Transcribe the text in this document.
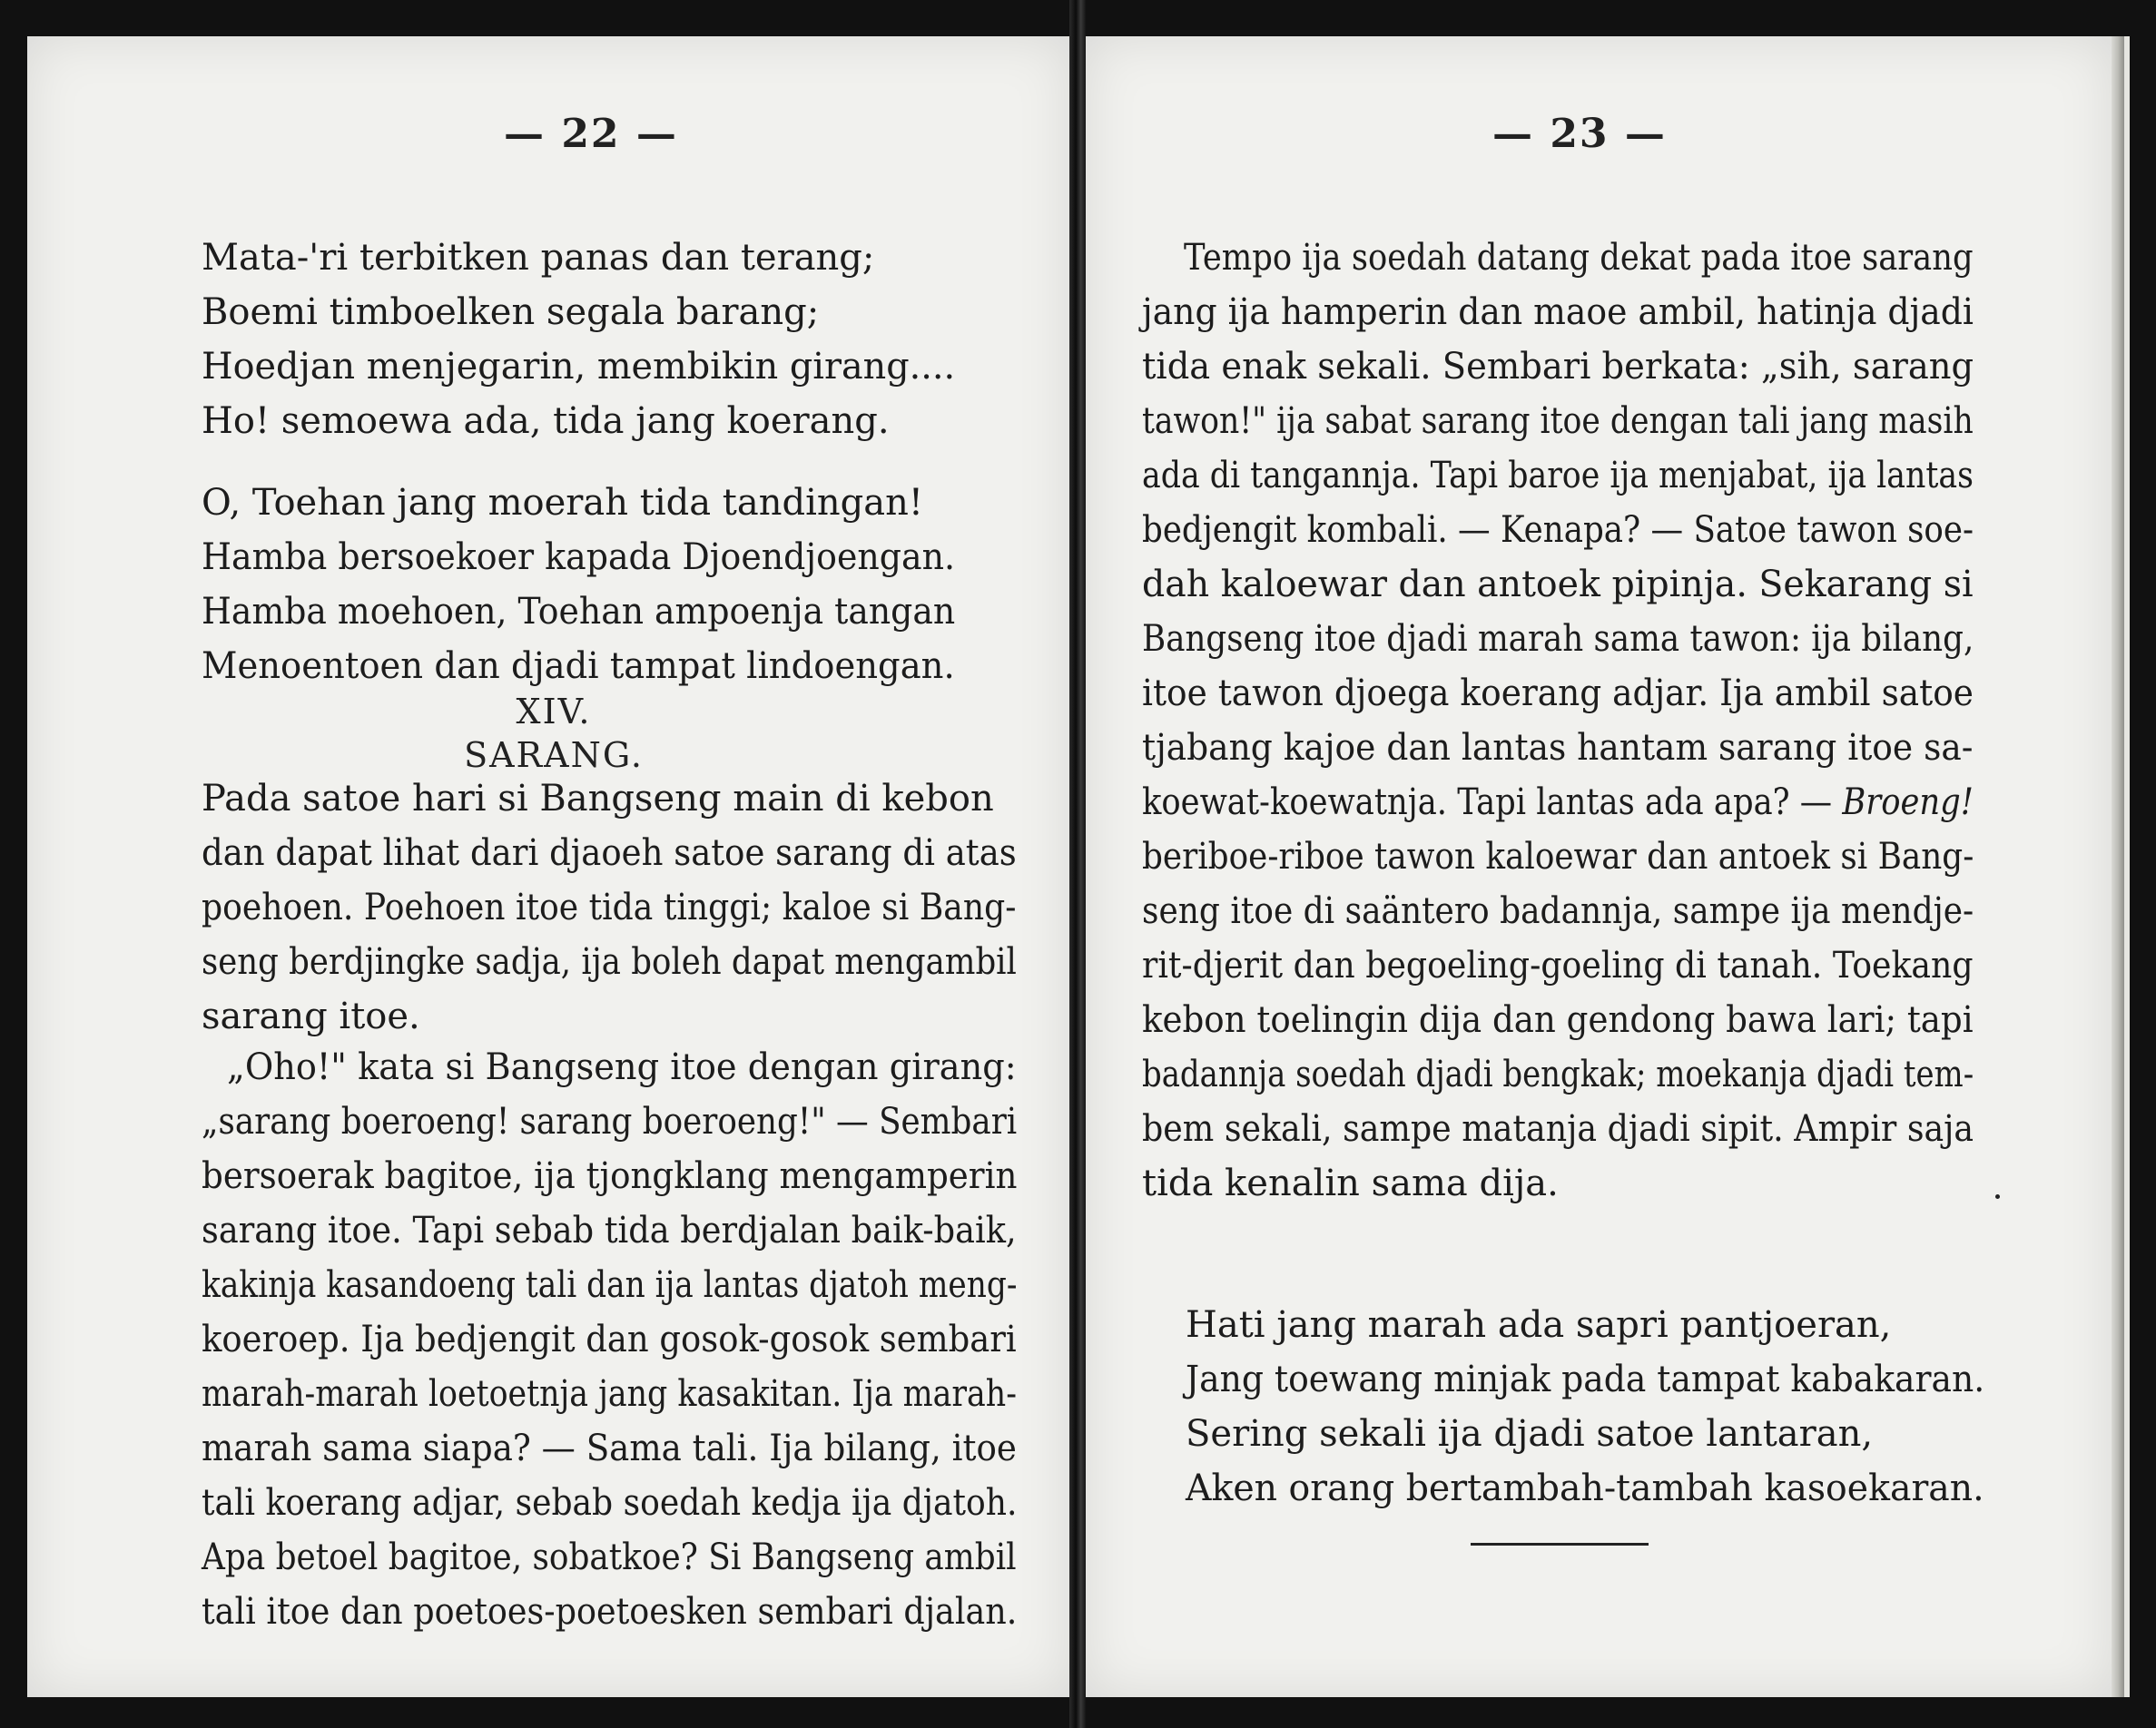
— 22 —
Mata-'ri terbitken panas dan terang;
Boemi timboelken segala barang;
Hoedjan menjegarin, membikin girang....
Ho! semoewa ada, tida jang koerang.
O, Toehan jang moerah tida tandingan!
Hamba bersoekoer kapada Djoendjoengan.
Hamba moehoen, Toehan ampoenja tangan
Menoentoen dan djadi tampat lindoengan.
XIV.
SARANG.
Pada satoe hari si Bangseng main di kebon
dan dapat lihat dari djaoeh satoe sarang di atas
poehoen. Poehoen itoe tida tinggi; kaloe si Bang-
seng berdjingke sadja, ija boleh dapat mengambil
sarang itoe.
„Oho!" kata si Bangseng itoe dengan girang:
„sarang boeroeng! sarang boeroeng!" — Sembari
bersoerak bagitoe, ija tjongklang mengamperin
sarang itoe. Tapi sebab tida berdjalan baik-baik,
kakinja kasandoeng tali dan ija lantas djatoh meng-
koeroep. Ija bedjengit dan gosok-gosok sembari
marah-marah loetoetnja jang kasakitan. Ija marah-
marah sama siapa? — Sama tali. Ija bilang, itoe
tali koerang adjar, sebab soedah kedja ija djatoh.
Apa betoel bagitoe, sobatkoe? Si Bangseng ambil
tali itoe dan poetoes-poetoesken sembari djalan.
— 23 —
Tempo ija soedah datang dekat pada itoe sarang
jang ija hamperin dan maoe ambil, hatinja djadi
tida enak sekali. Sembari berkata: „sih, sarang
tawon!" ija sabat sarang itoe dengan tali jang masih
ada di tangannja. Tapi baroe ija menjabat, ija lantas
bedjengit kombali. — Kenapa? — Satoe tawon soe-
dah kaloewar dan antoek pipinja. Sekarang si
Bangseng itoe djadi marah sama tawon: ija bilang,
itoe tawon djoega koerang adjar. Ija ambil satoe
tjabang kajoe dan lantas hantam sarang itoe sa-
koewat-koewatnja. Tapi lantas ada apa? — Broeng!
beriboe-riboe tawon kaloewar dan antoek si Bang-
seng itoe di saäntero badannja, sampe ija mendje-
rit-djerit dan begoeling-goeling di tanah. Toekang
kebon toelingin dija dan gendong bawa lari; tapi
badannja soedah djadi bengkak; moekanja djadi tem-
bem sekali, sampe matanja djadi sipit. Ampir saja
tida kenalin sama dija.
Hati jang marah ada sapri pantjoeran,
Jang toewang minjak pada tampat kabakaran.
Sering sekali ija djadi satoe lantaran,
Aken orang bertambah-tambah kasoekaran.
